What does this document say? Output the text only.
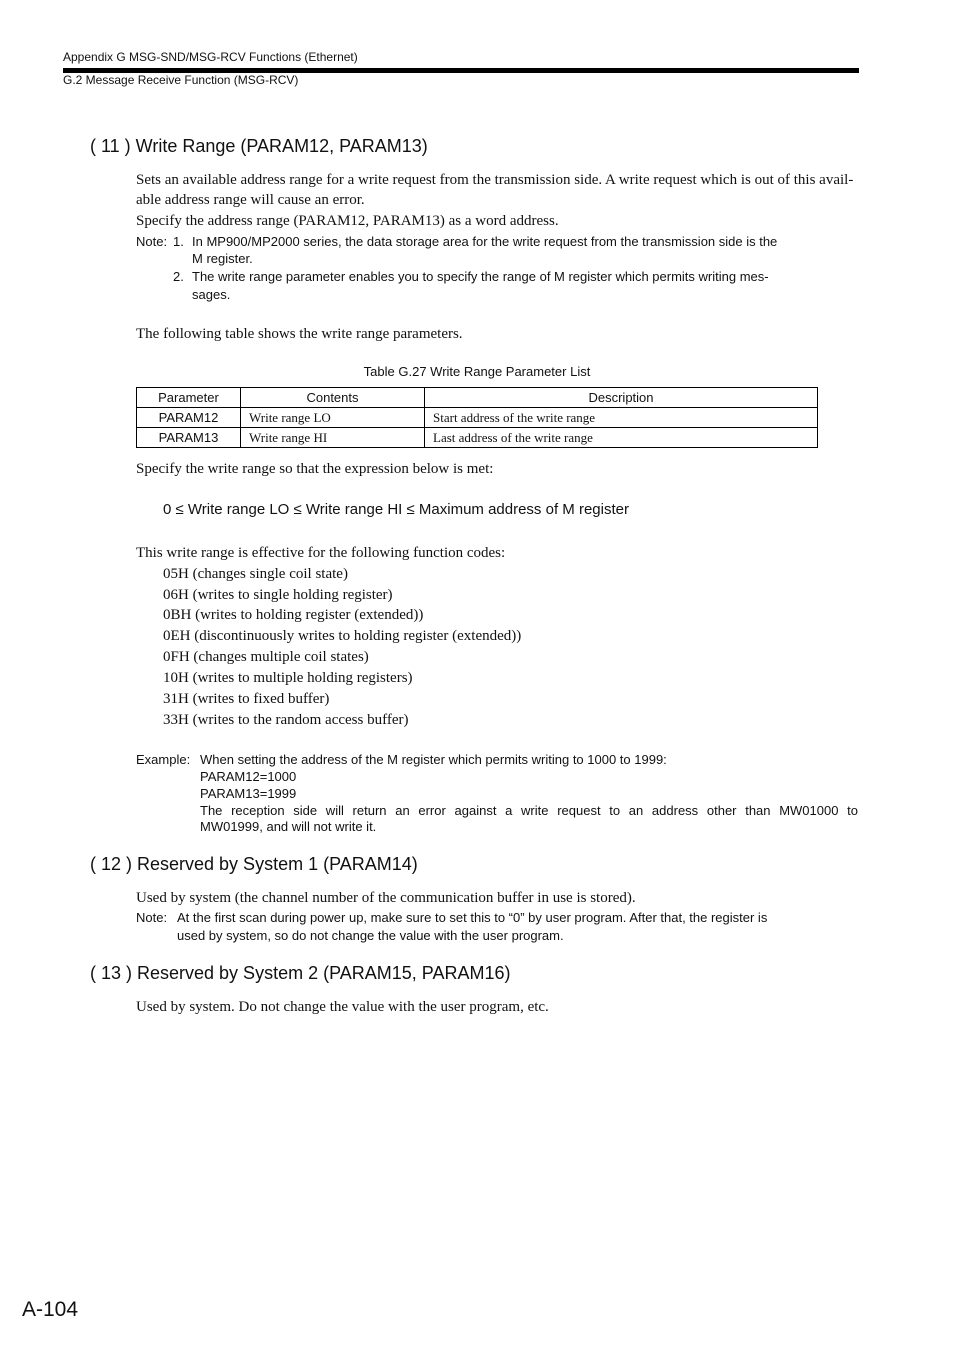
Appendix G MSG-SND/MSG-RCV Functions (Ethernet)
G.2 Message Receive Function (MSG-RCV)
( 11 ) Write Range (PARAM12, PARAM13)
Sets an available address range for a write request from the transmission side. A write request which is out of this avail-
able address range will cause an error.
Specify the address range (PARAM12, PARAM13) as a word address.
Note: 1. In MP900/MP2000 series, the data storage area for the write request from the transmission side is the
M register.
2. The write range parameter enables you to specify the range of M register which permits writing mes-
sages.
The following table shows the write range parameters.
Table G.27 Write Range Parameter List
Parameter	Contents	Description
PARAM12	Write range LO	Start address of the write range
PARAM13	Write range HI	Last address of the write range
Specify the write range so that the expression below is met:
0 ≤ Write range LO ≤ Write range HI ≤ Maximum address of M register
This write range is effective for the following function codes:
05H (changes single coil state)
06H (writes to single holding register)
0BH (writes to holding register (extended))
0EH (discontinuously writes to holding register (extended))
0FH (changes multiple coil states)
10H (writes to multiple holding registers)
31H (writes to fixed buffer)
33H (writes to the random access buffer)
Example: When setting the address of the M register which permits writing to 1000 to 1999:
PARAM12=1000
PARAM13=1999
The reception side will return an error against a write request to an address other than MW01000 to
MW01999, and will not write it.
( 12 ) Reserved by System 1 (PARAM14)
Used by system (the channel number of the communication buffer in use is stored).
Note: At the first scan during power up, make sure to set this to “0” by user program. After that, the register is
used by system, so do not change the value with the user program.
( 13 ) Reserved by System 2 (PARAM15, PARAM16)
Used by system. Do not change the value with the user program, etc.
A-104
